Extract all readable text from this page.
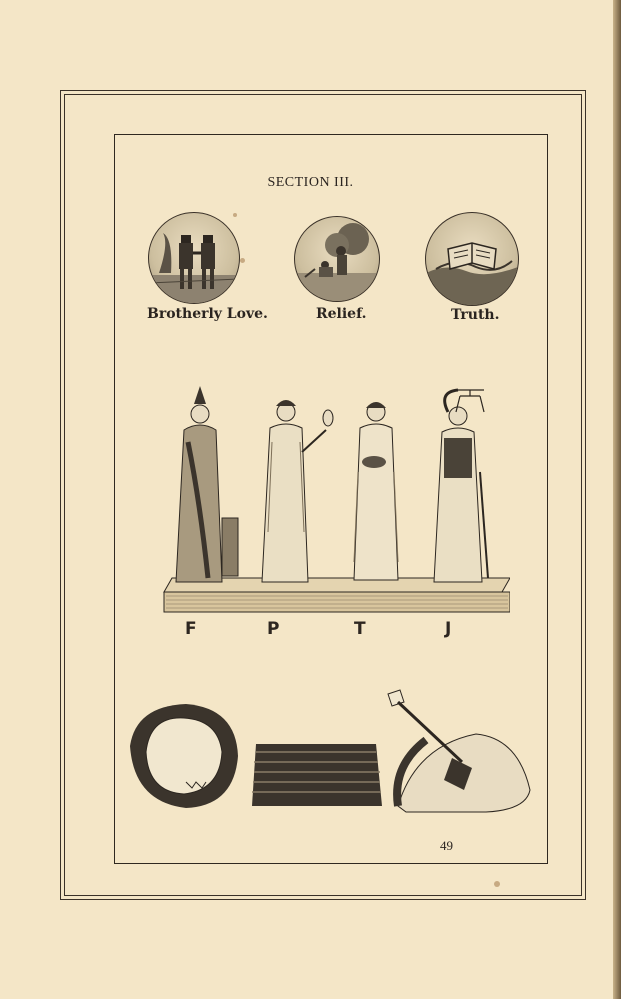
SECTION III.
Brotherly Love.	Relief.	Truth.
F	P	T	J
49
